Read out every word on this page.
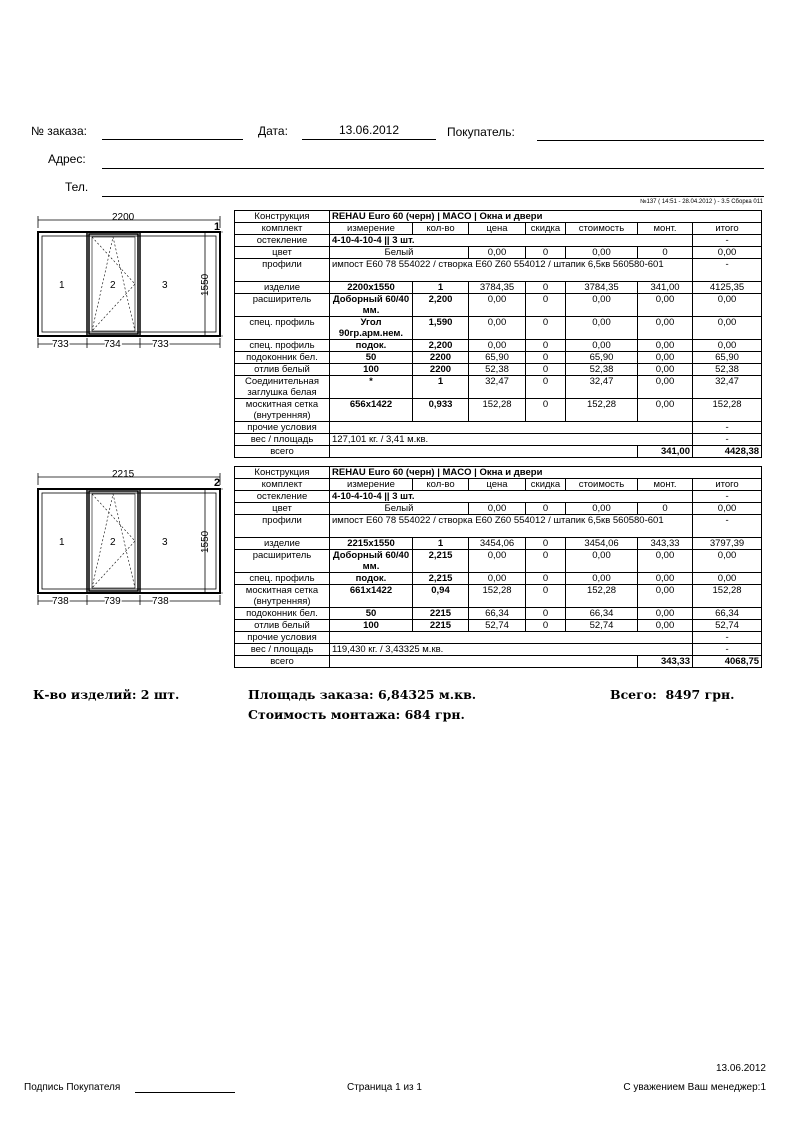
№ заказа:	Дата:	13.06.2012	Покупатель:
Адрес:
Тел.
№137 ( 14:51 - 28.04.2012 ) - 3.5 Сборка 011
2200
1	2	3	1550
733	734	733
1
Конструкция	REHAU Euro 60 (черн) | MACO | Окна и двери						
комплект	измерение	кол-во	цена	скидка	стоимость	монт.	итого
остекление	4-10-4-10-4 || 3 шт.						-
цвет	Белый		0,00	0	0,00	0	0,00
профили	импост E60 78 554022 / створка E60 Z60 554012 / штапик 6,5кв 560580-601						-
изделие	2200x1550	1	3784,35	0	3784,35	341,00	4125,35
расширитель	Доборный 60/40 мм.	2,200	0,00	0	0,00	0,00	0,00
спец. профиль	Угол 90гр.арм.нем.	1,590	0,00	0	0,00	0,00	0,00
спец. профиль	подок.	2,200	0,00	0	0,00	0,00	0,00
подоконник бел.	50	2200	65,90	0	65,90	0,00	65,90
отлив белый	100	2200	52,38	0	52,38	0,00	52,38
Соединительная заглушка белая	*	1	32,47	0	32,47	0,00	32,47
москитная сетка (внутренняя)	656x1422	0,933	152,28	0	152,28	0,00	152,28
прочие условия							-
вес / площадь	127,101 кг. / 3,41 м.кв.						-
всего						341,00	4428,38
2215
1	2	3	1550
738	739	738
2
Конструкция	REHAU Euro 60 (черн) | MACO | Окна и двери						
комплект	измерение	кол-во	цена	скидка	стоимость	монт.	итого
остекление	4-10-4-10-4 || 3 шт.						-
цвет	Белый		0,00	0	0,00	0	0,00
профили	импост E60 78 554022 / створка E60 Z60 554012 / штапик 6,5кв 560580-601						-
изделие	2215x1550	1	3454,06	0	3454,06	343,33	3797,39
расширитель	Доборный 60/40 мм.	2,215	0,00	0	0,00	0,00	0,00
спец. профиль	подок.	2,215	0,00	0	0,00	0,00	0,00
москитная сетка (внутренняя)	661x1422	0,94	152,28	0	152,28	0,00	152,28
подоконник бел.	50	2215	66,34	0	66,34	0,00	66,34
отлив белый	100	2215	52,74	0	52,74	0,00	52,74
прочие условия							-
вес / площадь	119,430 кг. / 3,43325 м.кв.						-
всего						343,33	4068,75
К-во изделий: 2 шт.	Площадь заказа: 6,84325 м.кв.	Всего:  8497 грн.
Стоимость монтажа: 684 грн.
13.06.2012
Подпись Покупателя	Страница 1 из 1	С уважением Ваш менеджер:1
